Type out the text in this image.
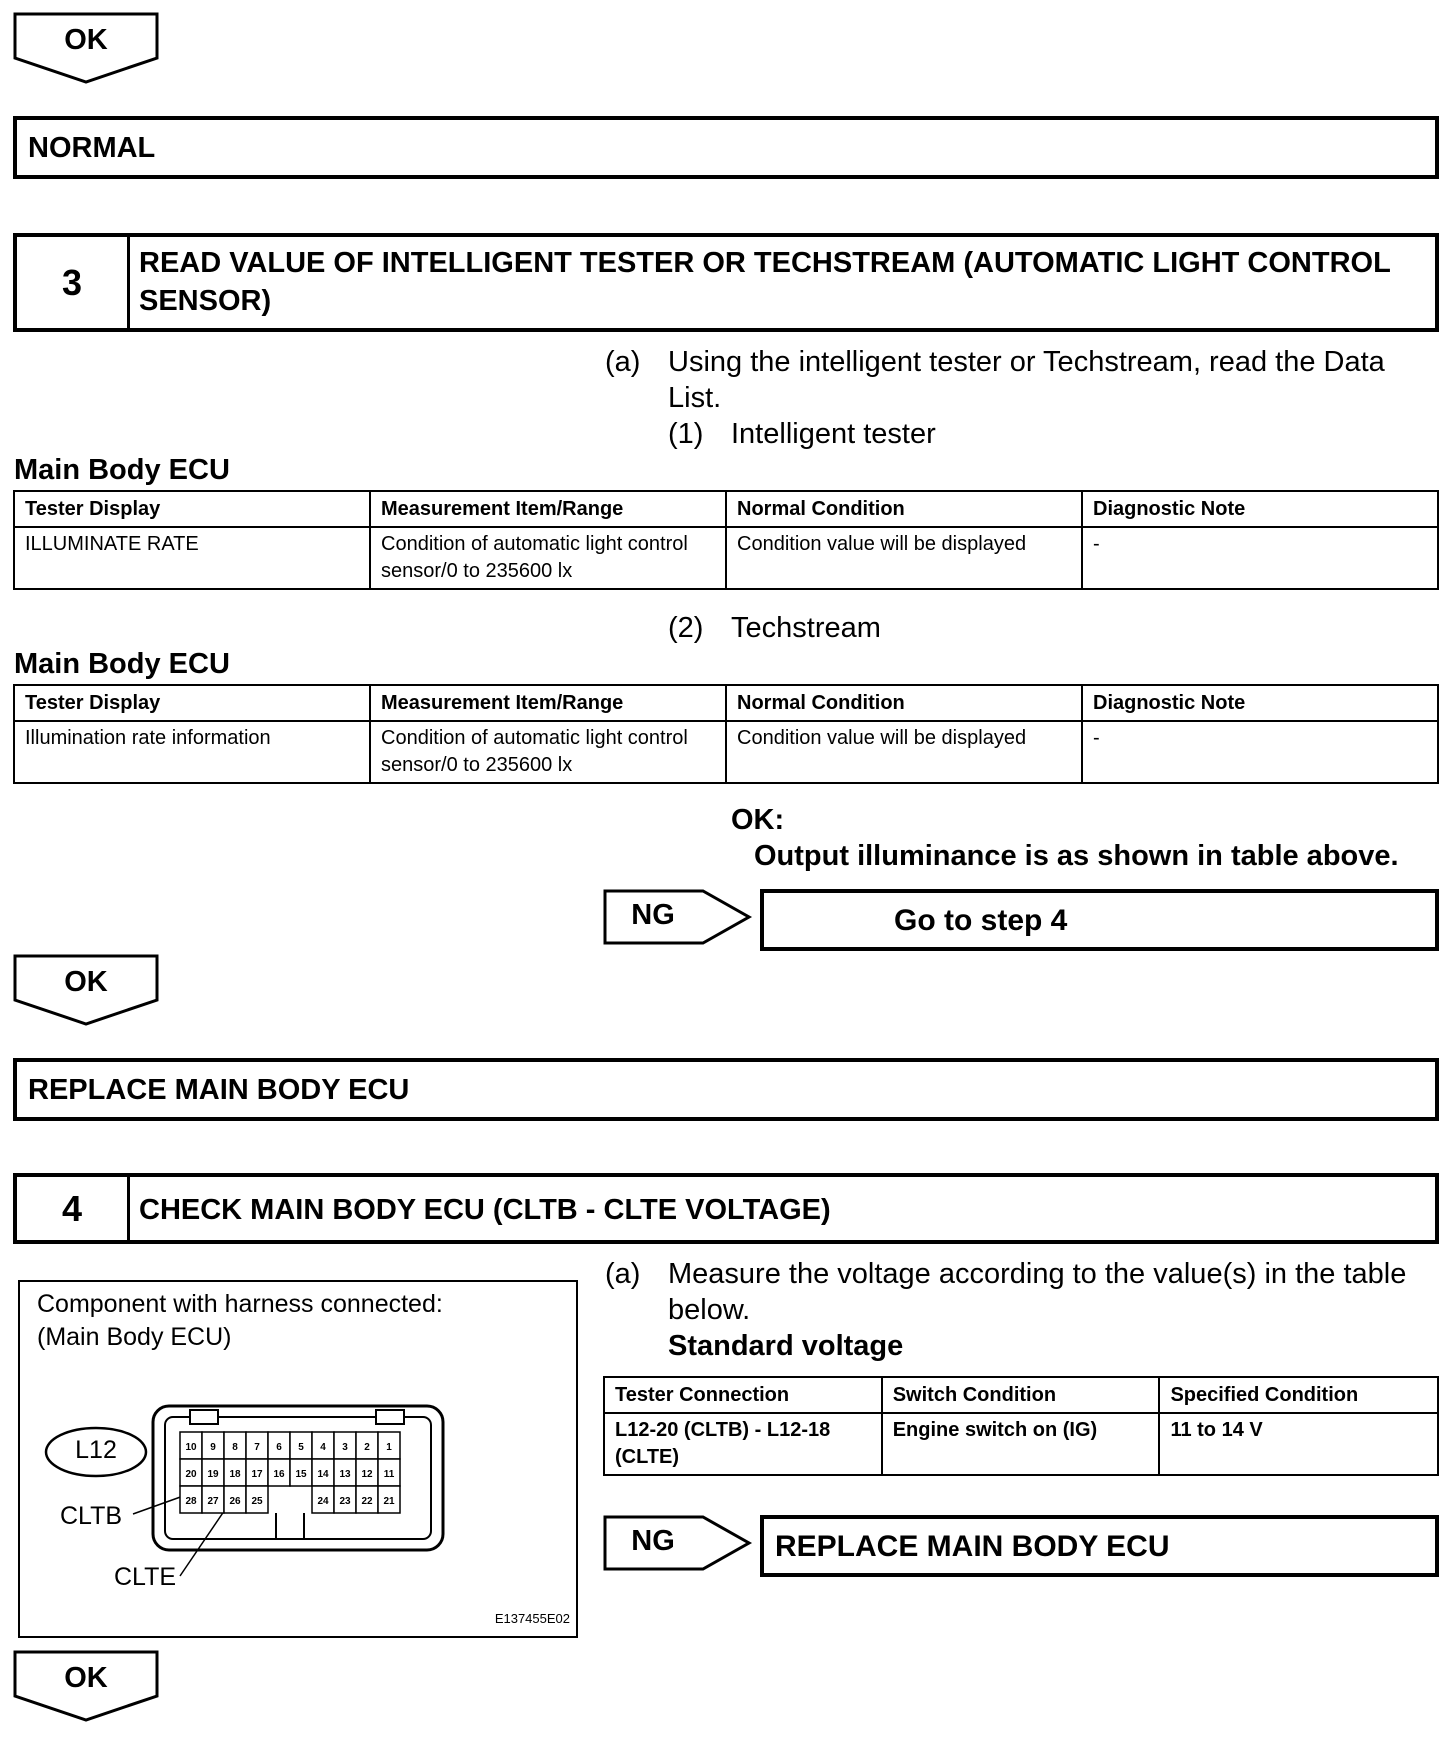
OK
NORMAL
3	READ VALUE OF INTELLIGENT TESTER OR TECHSTREAM (AUTOMATIC LIGHT CONTROL SENSOR)
(a) Using the intelligent tester or Techstream, read the Data List.
(1) Intelligent tester
Main Body ECU
Tester Display	Measurement Item/Range	Normal Condition	Diagnostic Note
ILLUMINATE RATE	Condition of automatic light control sensor/0 to 235600 lx	Condition value will be displayed	-
(2) Techstream
Main Body ECU
Tester Display	Measurement Item/Range	Normal Condition	Diagnostic Note
Illumination rate information	Condition of automatic light control sensor/0 to 235600 lx	Condition value will be displayed	-
OK:
Output illuminance is as shown in table above.
NG	Go to step 4
OK
REPLACE MAIN BODY ECU
4	CHECK MAIN BODY ECU (CLTB - CLTE VOLTAGE)
(a) Measure the voltage according to the value(s) in the table below.
Standard voltage
Tester Connection	Switch Condition	Specified Condition
L12-20 (CLTB) - L12-18 (CLTE)	Engine switch on (IG)	11 to 14 V
NG	REPLACE MAIN BODY ECU
Component with harness connected:
(Main Body ECU)
10 9 8 7 6 5 4 3 2 1
20 19 18 17 16 15 14 13 12 11
28 27 26 25	24 23 22 21
L12
CLTB
CLTE
E137455E02
OK
